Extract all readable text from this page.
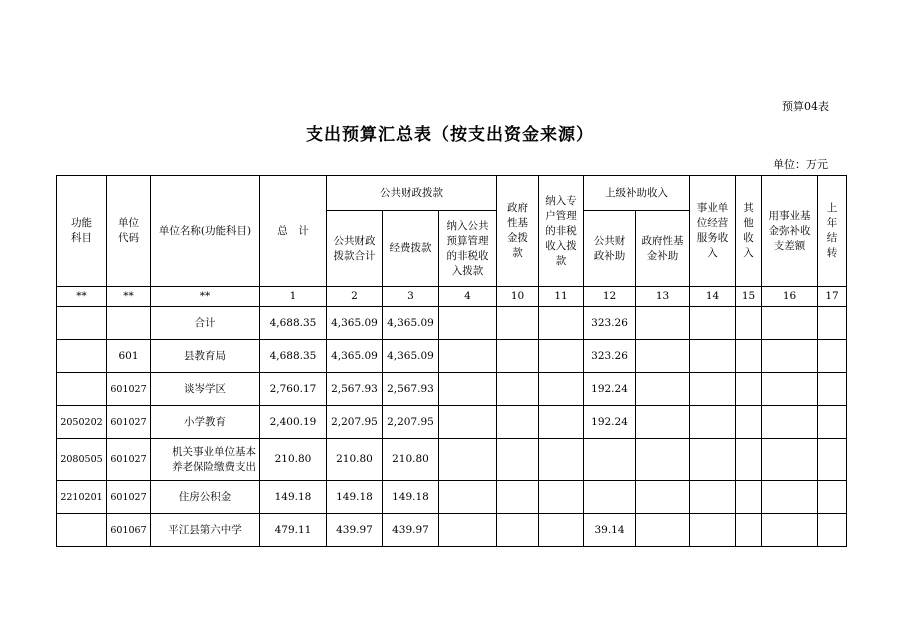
预算04表
支出预算汇总表（按支出资金来源）
单位：万元
功能科目	单位代码	单位名称(功能科目)	总　计	公共财政拨款			政府性基金拨款	纳入专户管理的非税收入拨款	上级补助收入		事业单位经营服务收入	其他收入	用事业基金弥补收支差额	上年结转
				公共财政拨款合计	经费拨款	纳入公共预算管理的非税收入拨款			公共财政补助	政府性基金补助				
**	**	**	1	2	3	4	10	11	12	13	14	15	16	17
		合计	4,688.35	4,365.09	4,365.09				323.26					
	601	县教育局	4,688.35	4,365.09	4,365.09				323.26					
	601027	谈岑学区	2,760.17	2,567.93	2,567.93				192.24					
2050202	601027	小学教育	2,400.19	2,207.95	2,207.95				192.24					
2080505	601027	机关事业单位基本养老保险缴费支出	210.80	210.80	210.80									
2210201	601027	住房公积金	149.18	149.18	149.18									
	601067	平江县第六中学	479.11	439.97	439.97				39.14					
